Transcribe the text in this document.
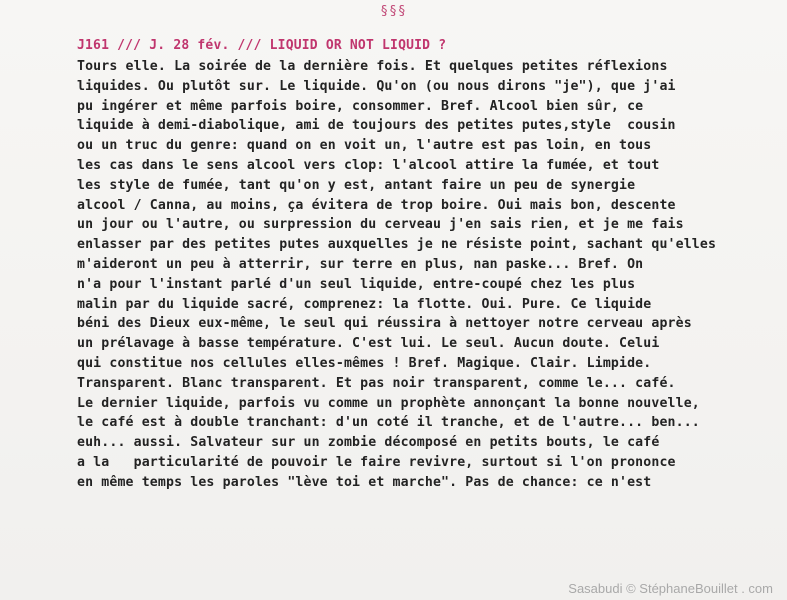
§§§
J161 /// J. 28 fév. /// LIQUID OR NOT LIQUID ?
Tours elle. La soirée de la dernière fois. Et quelques petites réflexions
liquides. Ou plutôt sur. Le liquide. Qu'on (ou nous dirons "je"), que j'ai
pu ingérer et même parfois boire, consommer. Bref. Alcool bien sûr, ce
liquide à demi-diabolique, ami de toujours des petites putes,style  cousin
ou un truc du genre: quand on en voit un, l'autre est pas loin, en tous
les cas dans le sens alcool vers clop: l'alcool attire la fumée, et tout
les style de fumée, tant qu'on y est, antant faire un peu de synergie
alcool / Canna, au moins, ça évitera de trop boire. Oui mais bon, descente
un jour ou l'autre, ou surpression du cerveau j'en sais rien, et je me fais
enlasser par des petites putes auxquelles je ne résiste point, sachant qu'elles
m'aideront un peu à atterrir, sur terre en plus, nan paske... Bref. On
n'a pour l'instant parlé d'un seul liquide, entre-coupé chez les plus
malin par du liquide sacré, comprenez: la flotte. Oui. Pure. Ce liquide
béni des Dieux eux-même, le seul qui réussira à nettoyer notre cerveau après
un prélavage à basse température. C'est lui. Le seul. Aucun doute. Celui
qui constitue nos cellules elles-mêmes ! Bref. Magique. Clair. Limpide.
Transparent. Blanc transparent. Et pas noir transparent, comme le... café.
Le dernier liquide, parfois vu comme un prophète annonçant la bonne nouvelle,
le café est à double tranchant: d'un coté il tranche, et de l'autre... ben...
euh... aussi. Salvateur sur un zombie décomposé en petits bouts, le café
a la   particularité de pouvoir le faire revivre, surtout si l'on prononce
en même temps les paroles "lève toi et marche". Pas de chance: ce n'est
Sasabudi © StéphaneBouillet . com
